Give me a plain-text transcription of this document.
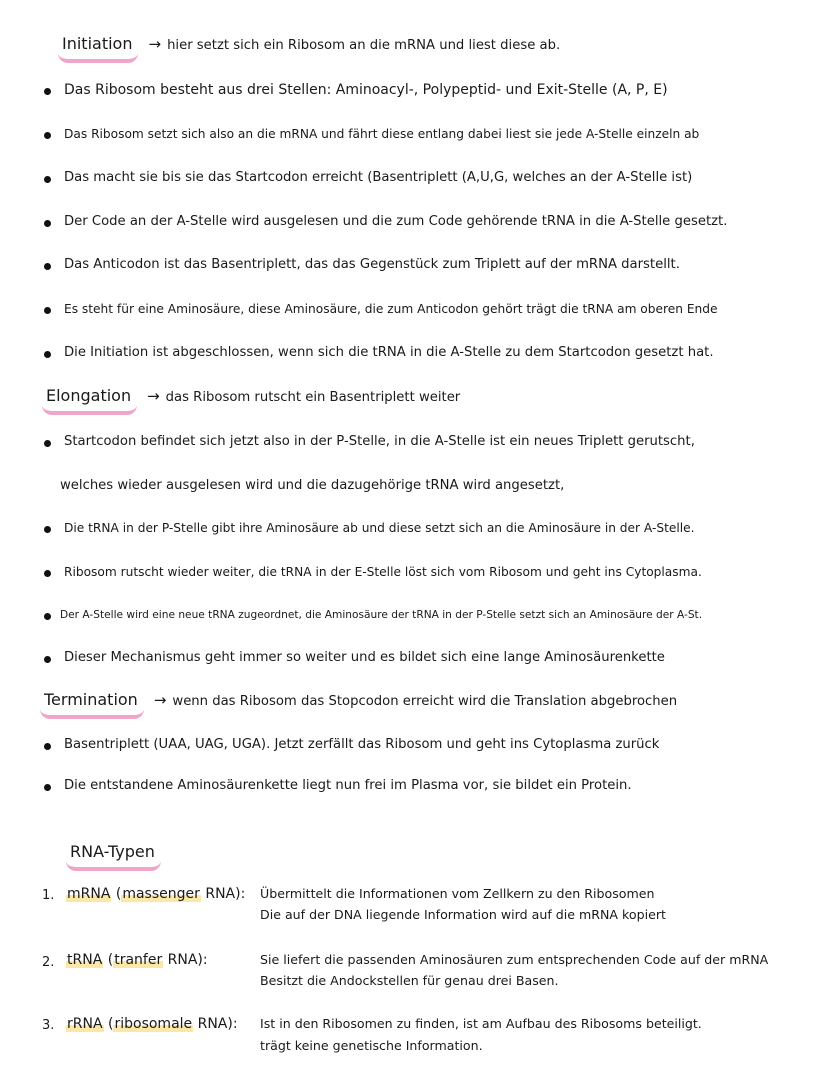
Initiation → hier setzt sich ein Ribosom an die mRNA und liest diese ab.
Das Ribosom besteht aus drei Stellen: Aminoacyl-, Polypeptid- und Exit-Stelle (A, P, E)
Das Ribosom setzt sich also an die mRNA und fährt diese entlang dabei liest sie jede A-Stelle einzeln ab
Das macht sie bis sie das Startcodon erreicht (Basentriplett (A,U,G, welches an der A-Stelle ist)
Der Code an der A-Stelle wird ausgelesen und die zum Code gehörende tRNA in die A-Stelle gesetzt.
Das Anticodon ist das Basentriplett, das das Gegenstück zum Triplett auf der mRNA darstellt.
Es steht für eine Aminosäure, diese Aminosäure, die zum Anticodon gehört trägt die tRNA am oberen Ende
Die Initiation ist abgeschlossen, wenn sich die tRNA in die A-Stelle zu dem Startcodon gesetzt hat.
Elongation → das Ribosom rutscht ein Basentriplett weiter
Startcodon befindet sich jetzt also in der P-Stelle, in die A-Stelle ist ein neues Triplett gerutscht,
welches wieder ausgelesen wird und die dazugehörige tRNA wird angesetzt,
Die tRNA in der P-Stelle gibt ihre Aminosäure ab und diese setzt sich an die Aminosäure in der A-Stelle.
Ribosom rutscht wieder weiter, die tRNA in der E-Stelle löst sich vom Ribosom und geht ins Cytoplasma.
Der A-Stelle wird eine neue tRNA zugeordnet, die Aminosäure der tRNA in der P-Stelle setzt sich an Aminosäure der A-St.
Dieser Mechanismus geht immer so weiter und es bildet sich eine lange Aminosäurenkette
Termination → wenn das Ribosom das Stopcodon erreicht wird die Translation abgebrochen
Basentriplett (UAA, UAG, UGA). Jetzt zerfällt das Ribosom und geht ins Cytoplasma zurück
Die entstandene Aminosäurenkette liegt nun frei im Plasma vor, sie bildet ein Protein.
RNA-Typen
1. mRNA (massenger RNA): Übermittelt die Informationen vom Zellkern zu den Ribosomen
Die auf der DNA liegende Information wird auf die mRNA kopiert
2. tRNA (tranfer RNA):	Sie liefert die passenden Aminosäuren zum entsprechenden Code auf der mRNA
Besitzt die Andockstellen für genau drei Basen.
3. rRNA (ribosomale RNA): Ist in den Ribosomen zu finden, ist am Aufbau des Ribosoms beteiligt.
trägt keine genetische Information.
